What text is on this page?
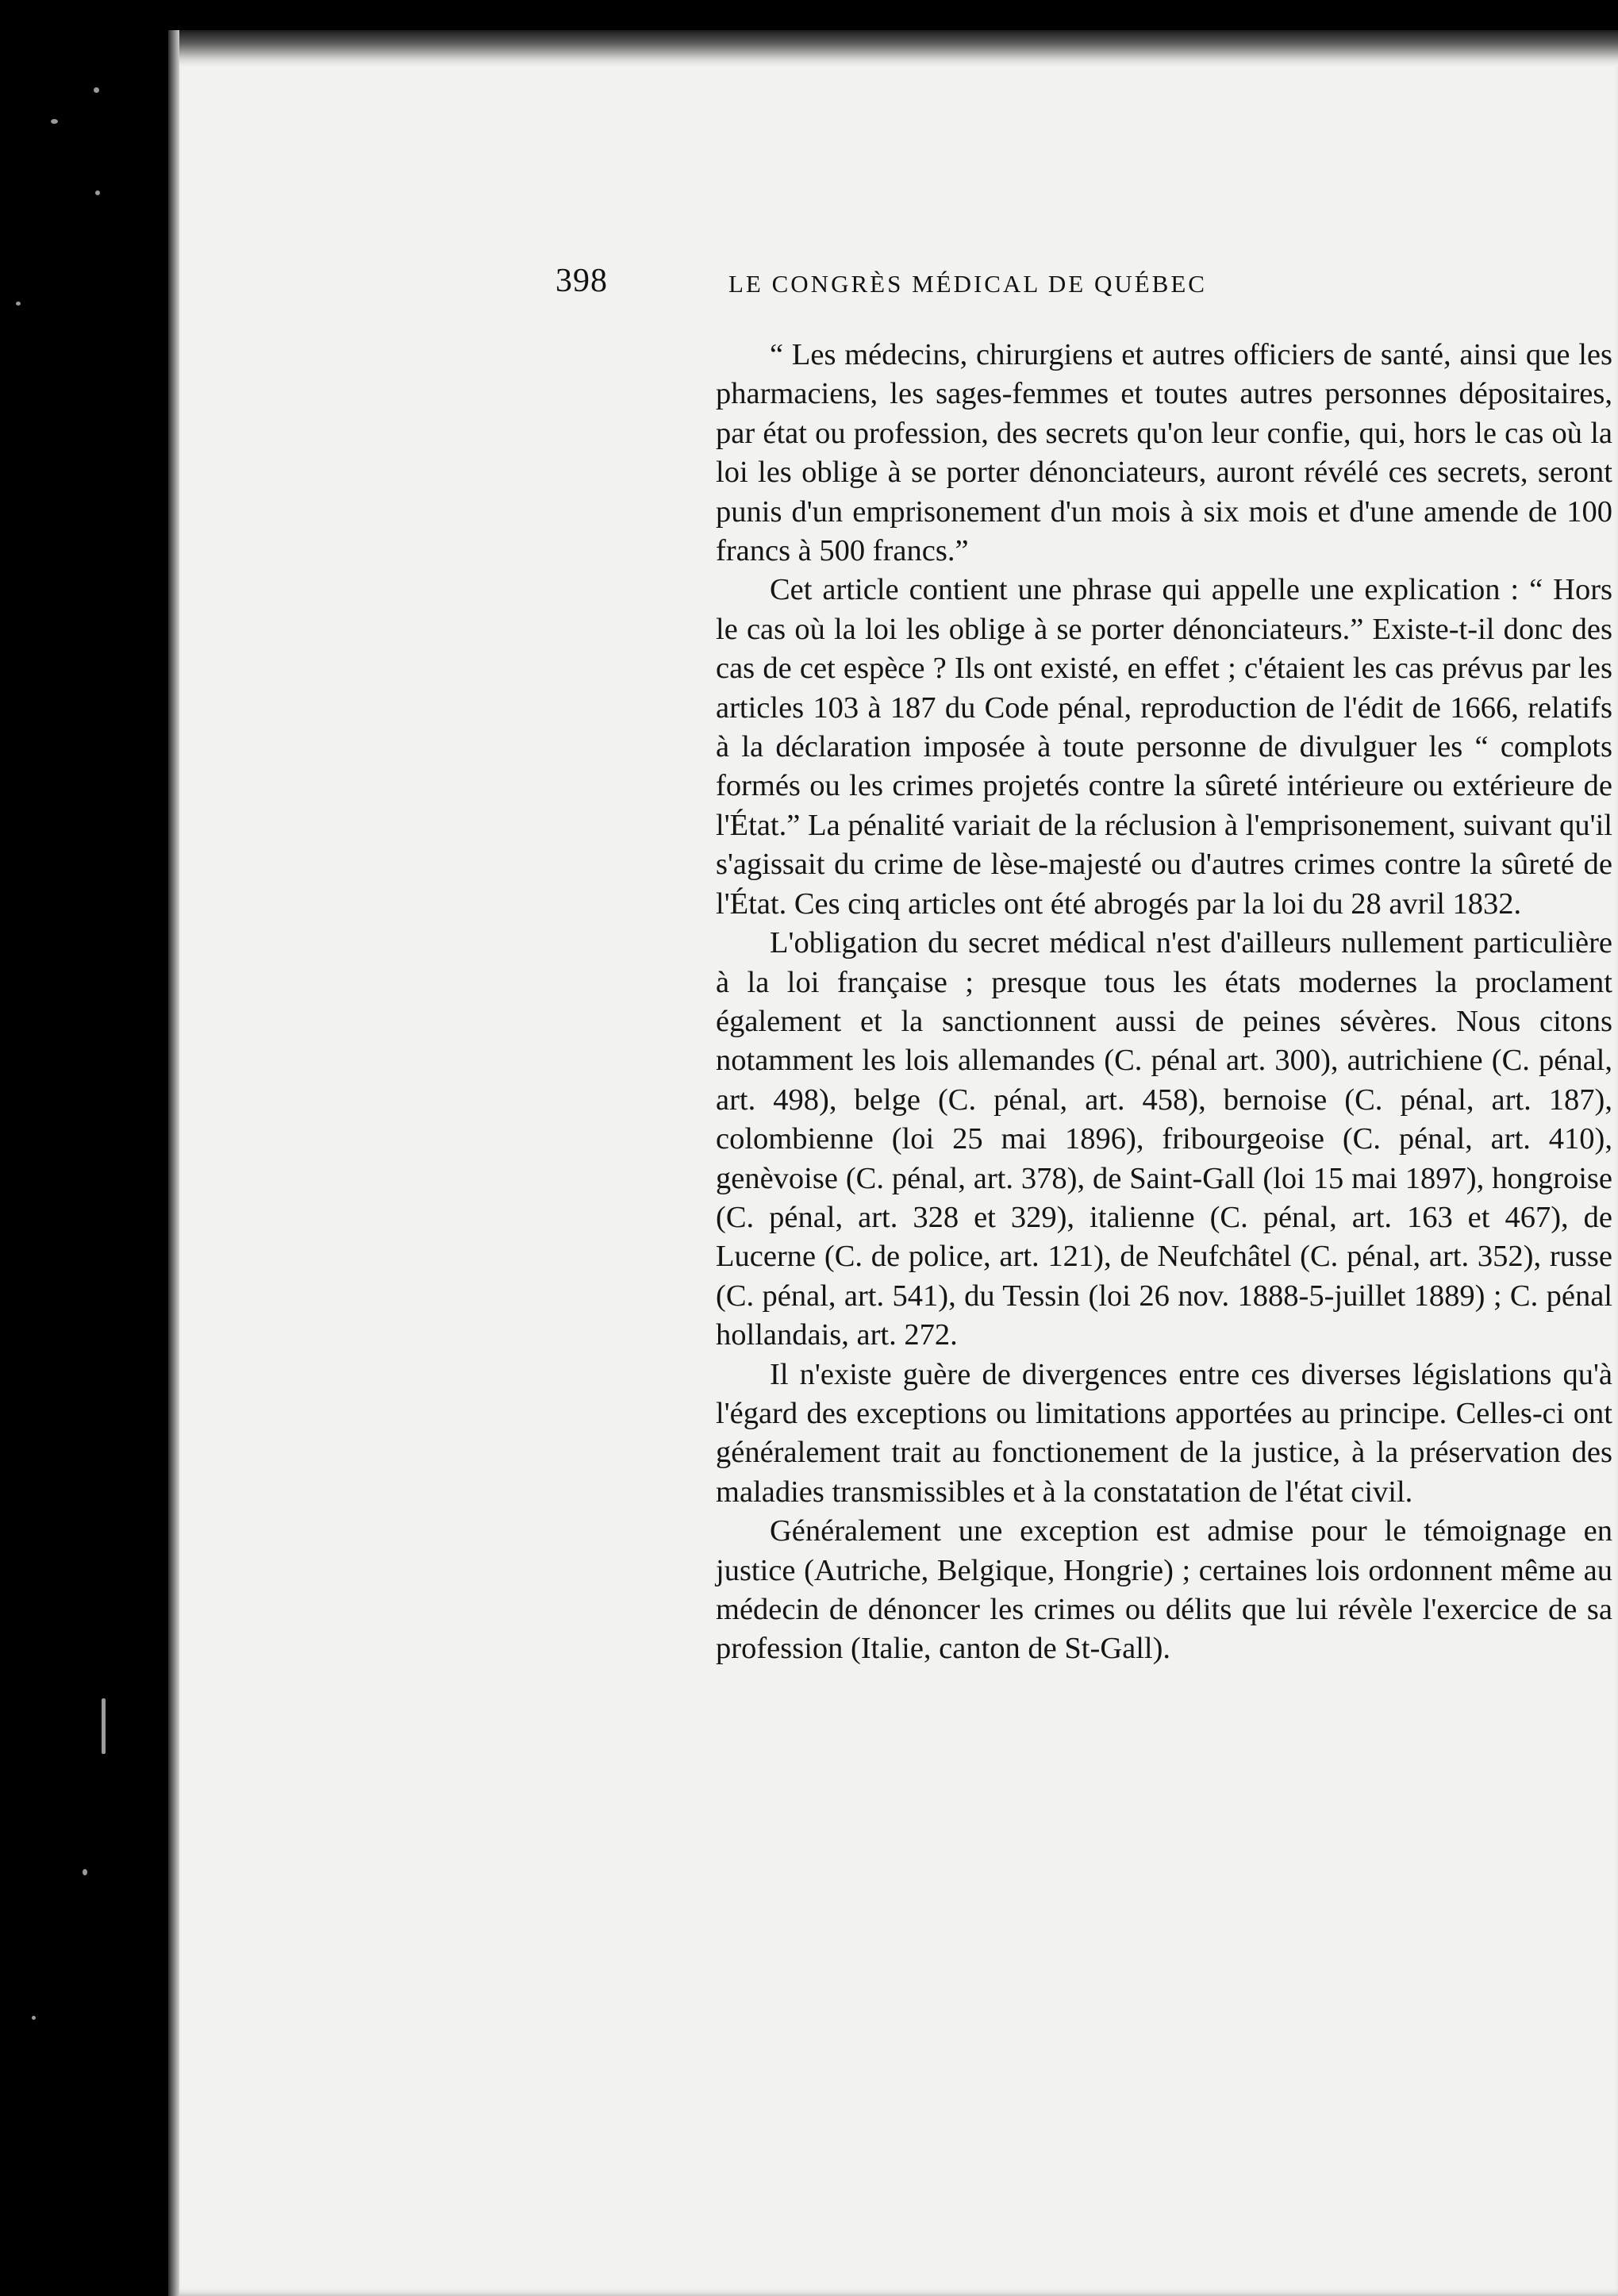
398	LE CONGRÈS MÉDICAL DE QUÉBEC

“ Les médecins, chirurgiens et autres officiers de santé, ainsi que les pharmaciens, les sages-femmes et toutes autres personnes dépositaires, par état ou profession, des secrets qu'on leur confie, qui, hors le cas où la loi les oblige à se porter dénonciateurs, auront révélé ces secrets, seront punis d'un emprisonement d'un mois à six mois et d'une amende de 100 francs à 500 francs.”

Cet article contient une phrase qui appelle une explication : “ Hors le cas où la loi les oblige à se porter dénonciateurs.” Existe-t-il donc des cas de cet espèce ? Ils ont existé, en effet ; c'étaient les cas prévus par les articles 103 à 187 du Code pénal, reproduction de l'édit de 1666, relatifs à la déclaration imposée à toute personne de divulguer les “ complots formés ou les crimes projetés contre la sûreté intérieure ou extérieure de l'État.” La pénalité variait de la réclusion à l'emprisonement, suivant qu'il s'agissait du crime de lèse-majesté ou d'autres crimes contre la sûreté de l'État. Ces cinq articles ont été abrogés par la loi du 28 avril 1832.

L'obligation du secret médical n'est d'ailleurs nullement particulière à la loi française ; presque tous les états modernes la proclament également et la sanctionnent aussi de peines sévères. Nous citons notamment les lois allemandes (C. pénal art. 300), autrichiene (C. pénal, art. 498), belge (C. pénal, art. 458), bernoise (C. pénal, art. 187), colombienne (loi 25 mai 1896), fribourgeoise (C. pénal, art. 410), genèvoise (C. pénal, art. 378), de Saint-Gall (loi 15 mai 1897), hongroise (C. pénal, art. 328 et 329), italienne (C. pénal, art. 163 et 467), de Lucerne (C. de police, art. 121), de Neufchâtel (C. pénal, art. 352), russe (C. pénal, art. 541), du Tessin (loi 26 nov. 1888-5-juillet 1889) ; C. pénal hollandais, art. 272.

Il n'existe guère de divergences entre ces diverses législations qu'à l'égard des exceptions ou limitations apportées au principe. Celles-ci ont généralement trait au fonctionement de la justice, à la préservation des maladies transmissibles et à la constatation de l'état civil.

Généralement une exception est admise pour le témoignage en justice (Autriche, Belgique, Hongrie) ; certaines lois ordonnent même au médecin de dénoncer les crimes ou délits que lui révèle l'exercice de sa profession (Italie, canton de St-Gall).
